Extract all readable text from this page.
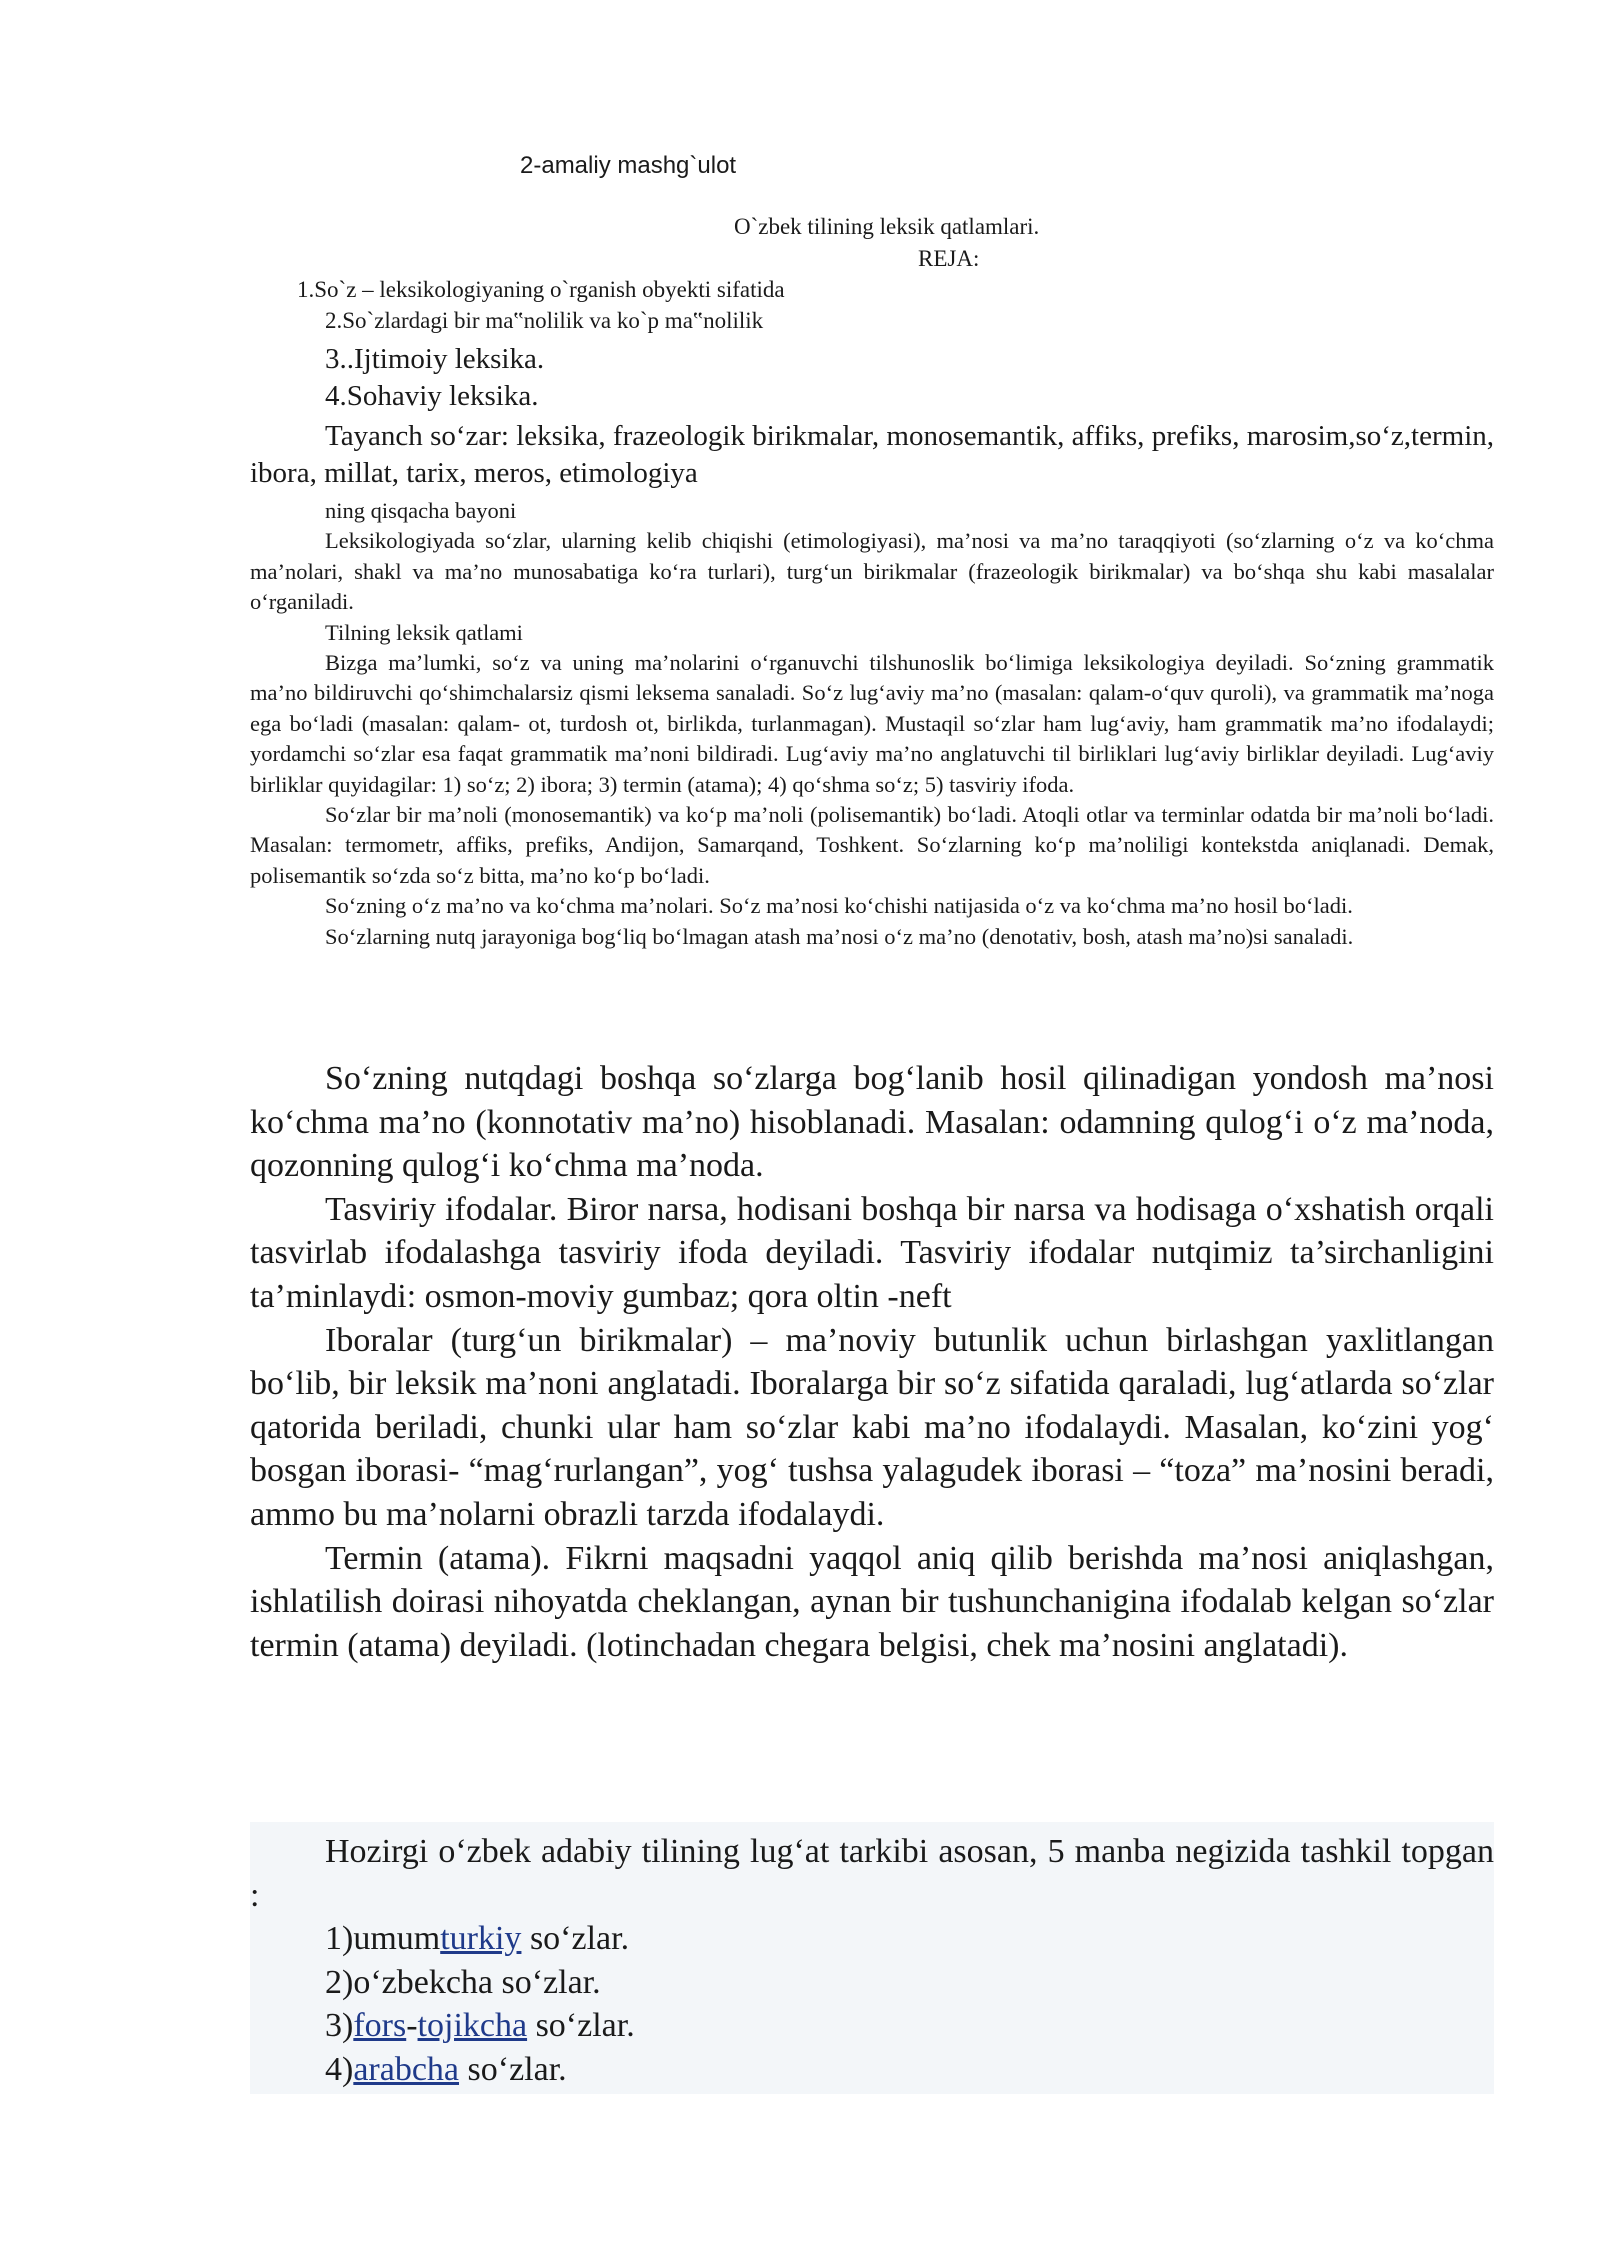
2-amaliy mashg`ulot
O`zbek tilining leksik qatlamlari.
REJA:
1.So`z – leksikologiyaning o`rganish obyekti sifatida
2.So`zlardagi bir ma‟nolilik va ko`p ma‟nolilik
3..Ijtimoiy leksika.
4.Sohaviy leksika.

Tayanch so‘zar: leksika, frazeologik birikmalar, monosemantik, affiks, prefiks, marosim,so‘z,termin, ibora, millat, tarix, meros, etimologiya

ning qisqacha bayoni

Leksikologiyada so‘zlar, ularning kelib chiqishi (etimologiyasi), ma’nosi va ma’no taraqqiyoti (so‘zlarning o‘z va ko‘chma ma’nolari, shakl va ma’no munosabatiga ko‘ra turlari), turg‘un birikmalar (frazeologik birikmalar) va bo‘shqa shu kabi masalalar o‘rganiladi.

Tilning leksik qatlami

Bizga ma’lumki, so‘z va uning ma’nolarini o‘rganuvchi tilshunoslik bo‘limiga leksikologiya deyiladi. So‘zning grammatik ma’no bildiruvchi qo‘shimchalarsiz qismi leksema sanaladi. So‘z lug‘aviy ma’no (masalan: qalam-o‘quv quroli), va grammatik ma’noga ega bo‘ladi (masalan: qalam- ot, turdosh ot, birlikda, turlanmagan). Mustaqil so‘zlar ham lug‘aviy, ham grammatik ma’no ifodalaydi; yordamchi so‘zlar esa faqat grammatik ma’noni bildiradi. Lug‘aviy ma’no anglatuvchi til birliklari lug‘aviy birliklar deyiladi. Lug‘aviy birliklar quyidagilar: 1) so‘z; 2) ibora; 3) termin (atama); 4) qo‘shma so‘z; 5) tasviriy ifoda.

So‘zlar bir ma’noli (monosemantik) va ko‘p ma’noli (polisemantik) bo‘ladi. Atoqli otlar va terminlar odatda bir ma’noli bo‘ladi. Masalan: termometr, affiks, prefiks, Andijon, Samarqand, Toshkent. So‘zlarning ko‘p ma’noliligi kontekstda aniqlanadi. Demak, polisemantik so‘zda so‘z bitta, ma’no ko‘p bo‘ladi.

So‘zning o‘z ma’no va ko‘chma ma’nolari. So‘z ma’nosi ko‘chishi natijasida o‘z va ko‘chma ma’no hosil bo‘ladi.

So‘zlarning nutq jarayoniga bog‘liq bo‘lmagan atash ma’nosi o‘z ma’no (denotativ, bosh, atash ma’no)si sanaladi.

So‘zning nutqdagi boshqa so‘zlarga bog‘lanib hosil qilinadigan yondosh ma’nosi ko‘chma ma’no (konnotativ ma’no) hisoblanadi. Masalan: odamning qulog‘i o‘z ma’noda, qozonning qulog‘i ko‘chma ma’noda.

Tasviriy ifodalar. Biror narsa, hodisani boshqa bir narsa va hodisaga o‘xshatish orqali tasvirlab ifodalashga tasviriy ifoda deyiladi. Tasviriy ifodalar nutqimiz ta’sirchanligini ta’minlaydi: osmon-moviy gumbaz; qora oltin -neft

Iboralar (turg‘un birikmalar) – ma’noviy butunlik uchun birlashgan yaxlitlangan bo‘lib, bir leksik ma’noni anglatadi. Iboralarga bir so‘z sifatida qaraladi, lug‘atlarda so‘zlar qatorida beriladi, chunki ular ham so‘zlar kabi ma’no ifodalaydi. Masalan, ko‘zini yog‘ bosgan iborasi- “mag‘rurlangan”, yog‘ tushsa yalagudek iborasi – “toza” ma’nosini beradi, ammo bu ma’nolarni obrazli tarzda ifodalaydi.

Termin (atama). Fikrni maqsadni yaqqol aniq qilib berishda ma’nosi aniqlashgan, ishlatilish doirasi nihoyatda cheklangan, aynan bir tushunchanigina ifodalab kelgan so‘zlar termin (atama) deyiladi. (lotinchadan chegara belgisi, chek ma’nosini anglatadi).

Hozirgi o‘zbek adabiy tilining lug‘at tarkibi asosan, 5 manba negizida tashkil topgan :

1)umumturkiy so‘zlar.

2)o‘zbekcha so‘zlar.

3)fors-tojikcha so‘zlar.

4)arabcha so‘zlar.
